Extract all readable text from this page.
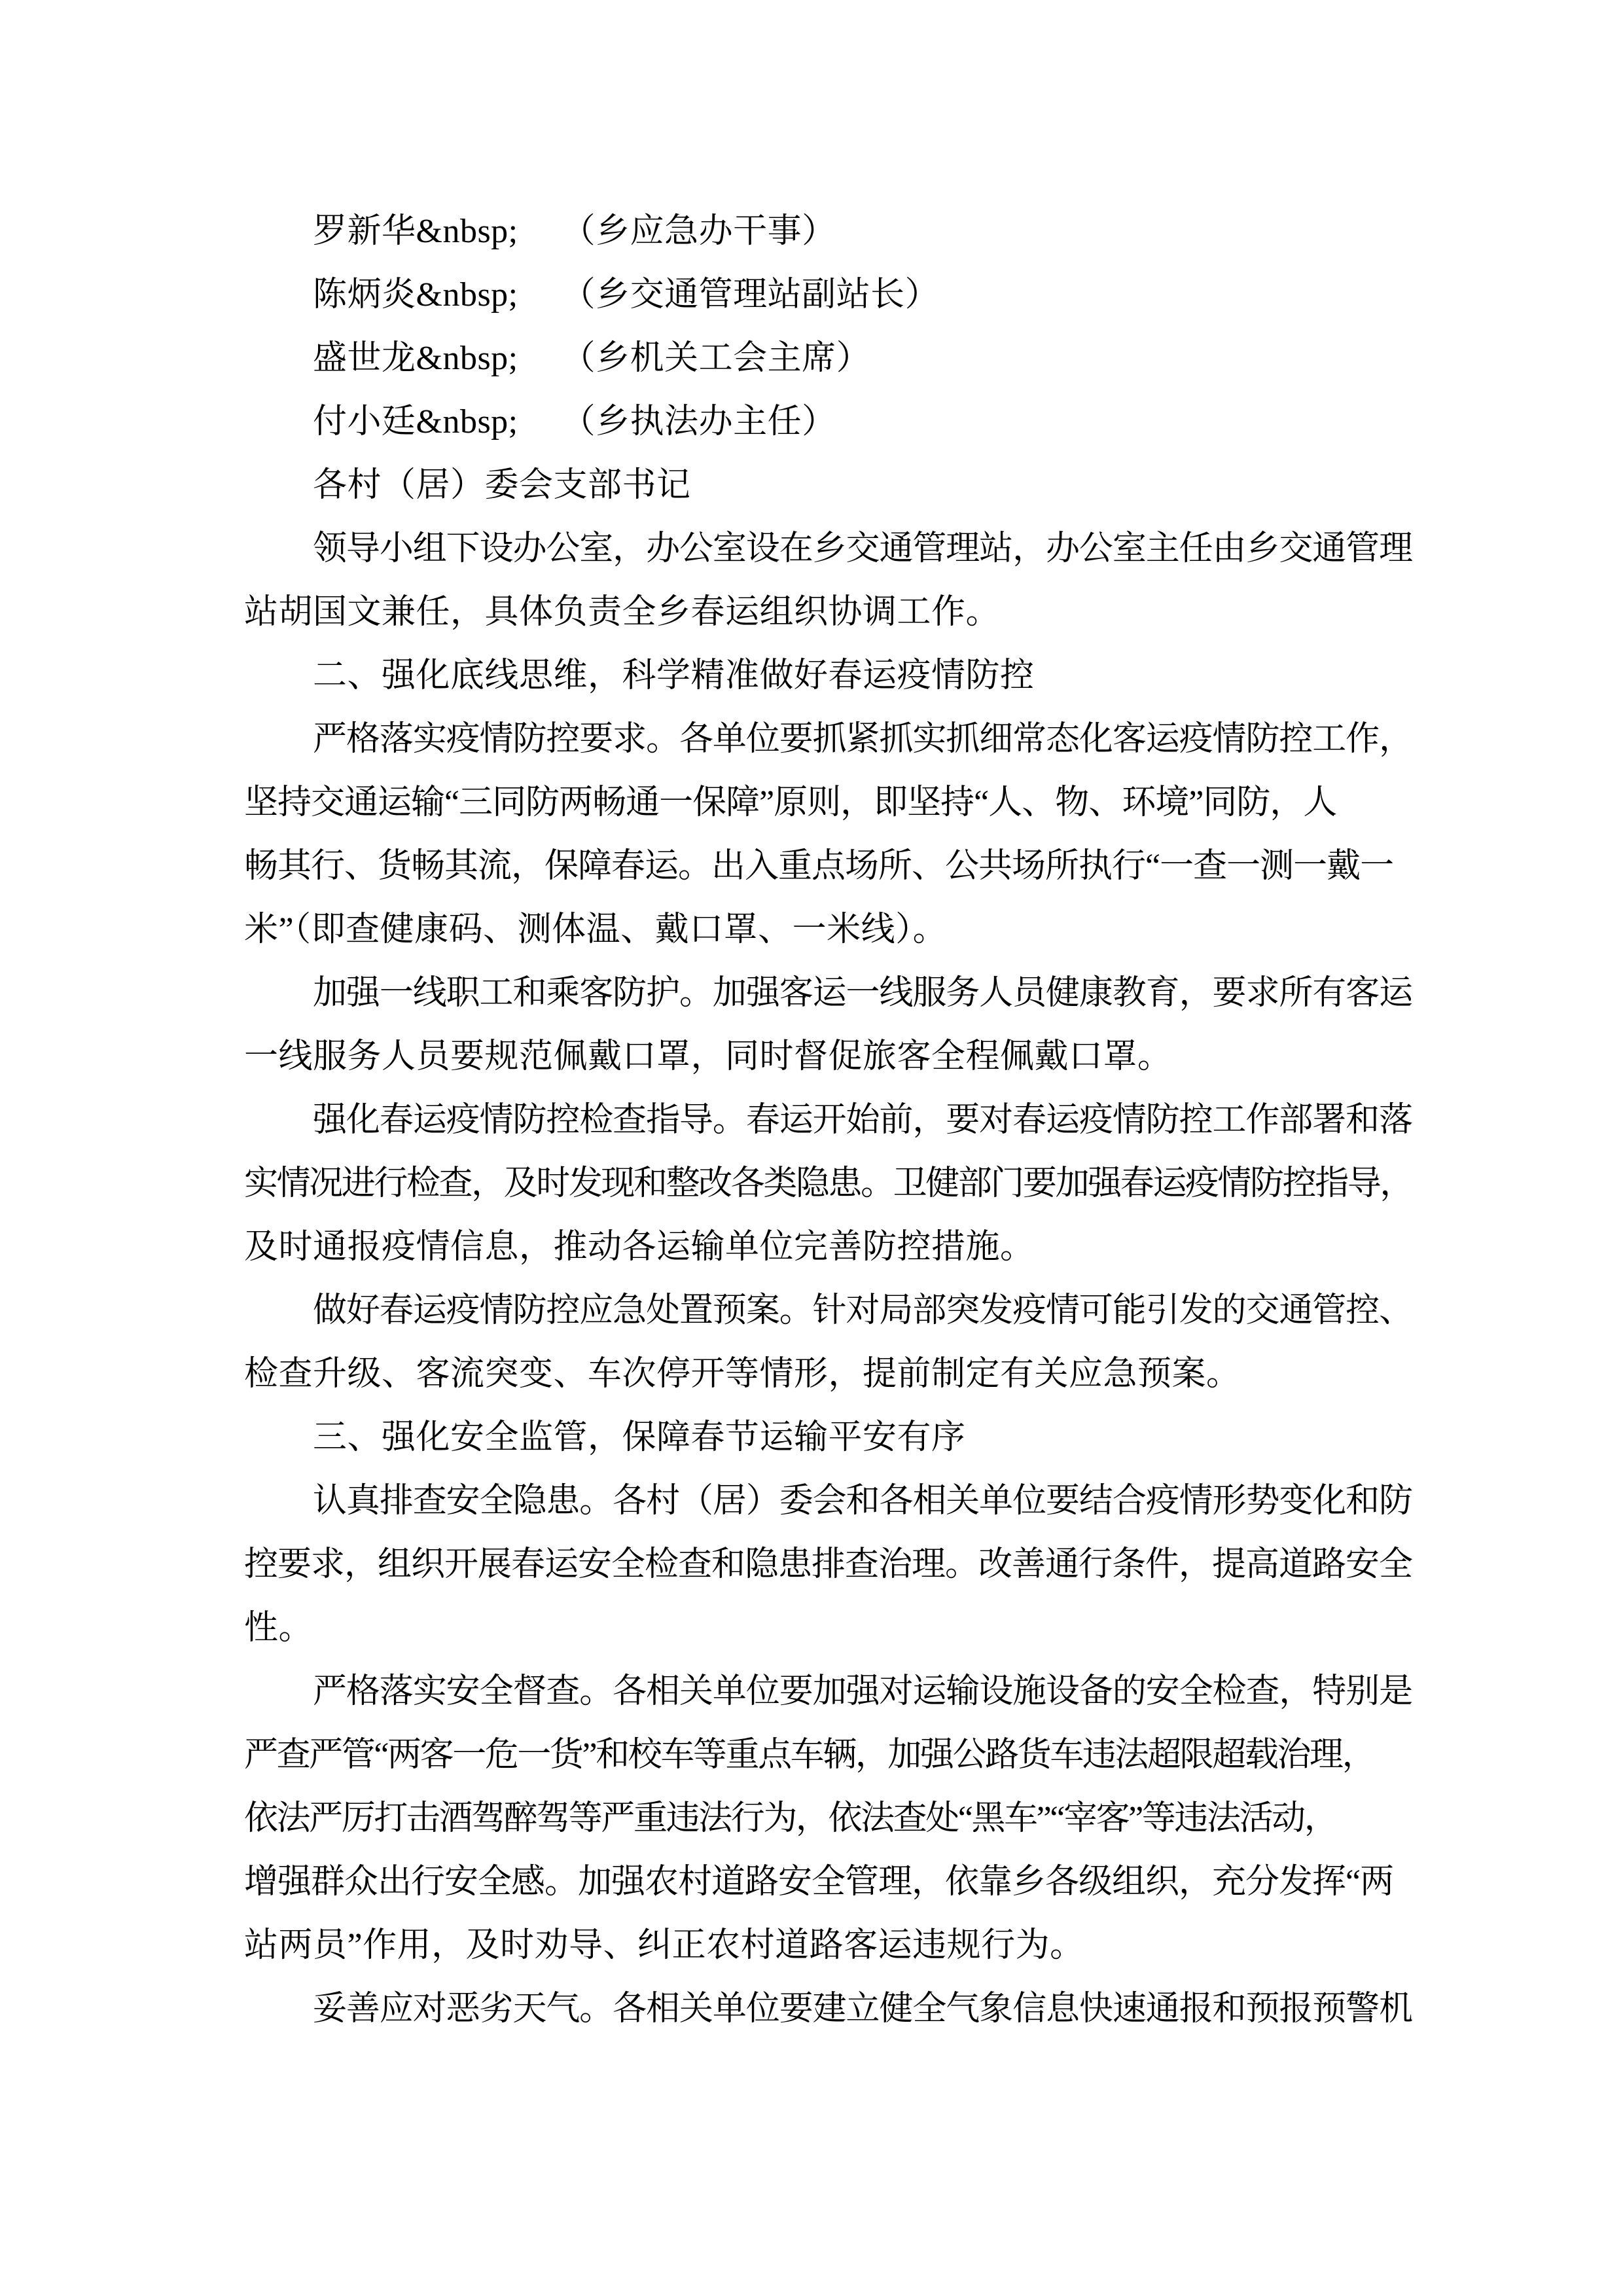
罗新华&nbsp;　 （乡应急办干事）
陈炳炎&nbsp;　 （乡交通管理站副站长）
盛世龙&nbsp;　 （乡机关工会主席）
付小廷&nbsp;　 （乡执法办主任）
各村（居）委会支部书记
领导小组下设办公室，办公室设在乡交通管理站，办公室主任由乡交通管理
站胡国文兼任，具体负责全乡春运组织协调工作。
二、强化底线思维，科学精准做好春运疫情防控
严格落实疫情防控要求。各单位要抓紧抓实抓细常态化客运疫情防控工作，
坚持交通运输“三同防两畅通一保障”原则，即坚持“人、物、环境”同防，人
畅其行、货畅其流，保障春运。出入重点场所、公共场所执行“一查一测一戴一
米”（即查健康码、测体温、戴口罩、一米线）。
加强一线职工和乘客防护。加强客运一线服务人员健康教育，要求所有客运
一线服务人员要规范佩戴口罩，同时督促旅客全程佩戴口罩。
强化春运疫情防控检查指导。春运开始前，要对春运疫情防控工作部署和落
实情况进行检查，及时发现和整改各类隐患。卫健部门要加强春运疫情防控指导，
及时通报疫情信息，推动各运输单位完善防控措施。
做好春运疫情防控应急处置预案。针对局部突发疫情可能引发的交通管控、
检查升级、客流突变、车次停开等情形，提前制定有关应急预案。
三、强化安全监管，保障春节运输平安有序
认真排查安全隐患。各村（居）委会和各相关单位要结合疫情形势变化和防
控要求，组织开展春运安全检查和隐患排查治理。改善通行条件，提高道路安全
性。
严格落实安全督查。各相关单位要加强对运输设施设备的安全检查，特别是
严查严管“两客一危一货”和校车等重点车辆，加强公路货车违法超限超载治理，
依法严厉打击酒驾醉驾等严重违法行为，依法查处“黑车”“宰客”等违法活动，
增强群众出行安全感。加强农村道路安全管理，依靠乡各级组织，充分发挥“两
站两员”作用，及时劝导、纠正农村道路客运违规行为。
妥善应对恶劣天气。各相关单位要建立健全气象信息快速通报和预报预警机
